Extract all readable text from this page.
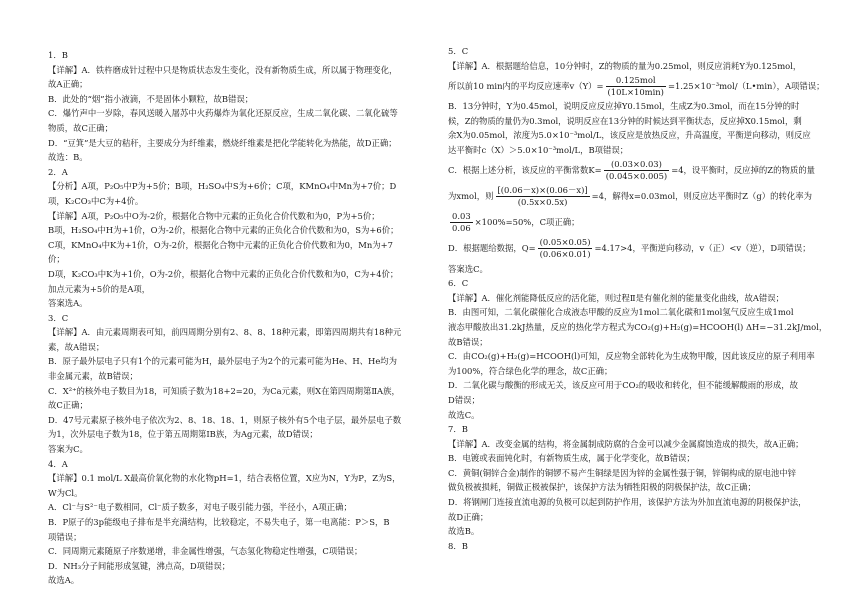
1．B

【详解】A．铁杵磨成针过程中只是物质状态发生变化，没有新物质生成，所以属于物理变化，

故A正确；

B．此处的“烟”指小液滴，不是固体小颗粒，故B错误；

C．爆竹声中一岁除，春风送暖入屠苏中火药爆炸为氧化还原反应，生成二氧化碳、二氧化硫等

物质，故C正确；

D．“豆箕”是大豆的秸秆，主要成分为纤维素，燃烧纤维素是把化学能转化为热能，故D正确；

故选：B。

2．A

【分析】A项，P₂O₅中P为+5价；B项，H₂SO₄中S为+6价；C项，KMnO₄中Mn为+7价；D

项，K₂CO₃中C为+4价。

【详解】A项，P₂O₅中O为-2价，根据化合物中元素的正负化合价代数和为0，P为+5价；

B项，H₂SO₄中H为+1价，O为-2价，根据化合物中元素的正负化合价代数和为0，S为+6价；

C项，KMnO₄中K为+1价，O为-2价，根据化合物中元素的正负化合价代数和为0，Mn为+7

价；

D项，K₂CO₃中K为+1价，O为-2价，根据化合物中元素的正负化合价代数和为0，C为+4价；

加点元素为+5价的是A项，

答案选A。

3．C

【详解】A．由元素周期表可知，前四周期分别有2、8、8、18种元素，即第四周期共有18种元

素，故A错误；

B．原子最外层电子只有1个的元素可能为H，最外层电子为2个的元素可能为He、H、He均为

非金属元素，故B错误；

C．X²⁺的核外电子数目为18，可知质子数为18+2=20，为Ca元素，则X在第四周期第ⅡA族，

故C正确；

D．47号元素原子核外电子依次为2、8、18、18、1，则原子核外有5个电子层，最外层电子数

为1，次外层电子数为18，位于第五周期第ⅠB族，为Ag元素，故D错误；

答案为C。

4．A

【详解】0.1 mol/L X最高价氧化物的水化物pH=1，结合表格位置，X应为N，Y为P，Z为S，

W为Cl。

A．Cl⁻与S²⁻电子数相同，Cl⁻质子数多，对电子吸引能力强，半径小，A项正确；

B．P原子的3p能级电子排布是半充满结构，比较稳定，不易失电子，第一电离能：P＞S，B

项错误；

C．同周期元素随原子序数递增，非金属性增强，气态氢化物稳定性增强，C项错误；

D．NH₃分子间能形成氢键，沸点高，D项错误；

故选A。

5．C

【详解】A．根据题给信息，10分钟时，Z的物质的量为0.25mol，则反应消耗Y为0.125mol，

所以前10 min内的平均反应速率$v(Y)= \frac{\text{0.125mol}}{(10L\times 10\min)}$ =1.25×10⁻³mol/（L•min），A项错误；

B．13分钟时，Y为0.45mol，说明反应反应掉Y0.15mol，生成Z为0.3mol，而在15分钟的时

候，Z的物质的量仍为0.3mol，说明反应在13分钟的时候达到平衡状态，反应掉X0.15mol，剩

余X为0.05mol，浓度为5.0×10⁻³mol/L，该反应是放热反应，升高温度，平衡逆向移动，则反应

达平衡时c（X）＞5.0×10⁻³mol/L，B项错误；

C．根据上述分析，该反应的平衡常数$K= \frac{(0.03\times 0.03)}{(0.045\times 0.005)} =4$，设平衡时，反应掉的Z的物质的量
为xmol，则 $\frac{[(0.06-x)\times(0.06-x)]}{(0.5x\times 0.5x)} =4$，解得x=0.03mol，则反应达平衡时Z（g）的转化率为
$\frac{0.03}{0.06} \times 100\%=50\%$，C项正确；
D．根据题给数据，$Q= \frac{(0.05\times 0.05)}{(0.06\times 0.01)} =4.17>4$，平衡逆向移动，v（正）<v（逆），D项错误；

答案选C。

6．C

【详解】A．催化剂能降低反应的活化能，则过程Ⅱ是有催化剂的能量变化曲线，故A错误；

B．由图可知，二氧化碳催化合成液态甲酸的反应为1mol二氧化碳和1mol氢气反应生成1mol

液态甲酸放出31.2kJ热量，反应的热化学方程式为CO₂(g)+H₂(g)=HCOOH(l) ΔH=−31.2kJ/mol，

故B错误；

C．由CO₂(g)+H₂(g)=HCOOH(l)可知，反应物全部转化为生成物甲酸，因此该反应的原子利用率

为100%，符合绿色化学的理念，故C正确；

D．二氧化碳与酸衡的形成无关，该反应可用于CO₂的吸收和转化，但不能缓解酸雨的形成，故

D错误；

故选C。

7．B

【详解】A．改变金属的结构，将金属制成防腐的合金可以减少金属腐蚀造成的损失，故A正确；

B．电镀或表面钝化时，有新物质生成，属于化学变化，故B错误；

C．黄铜(铜锌合金)制作的铜锣不易产生铜绿是因为锌的金属性强于铜，锌铜构成的原电池中锌

做负极被损耗，铜做正极被保护，该保护方法为牺牲阳极的阴极保护法，故C正确；

D．将钢闸门连接直流电源的负极可以起到防护作用，该保护方法为外加直流电源的阴极保护法，

故D正确；

故选B。

8．B
